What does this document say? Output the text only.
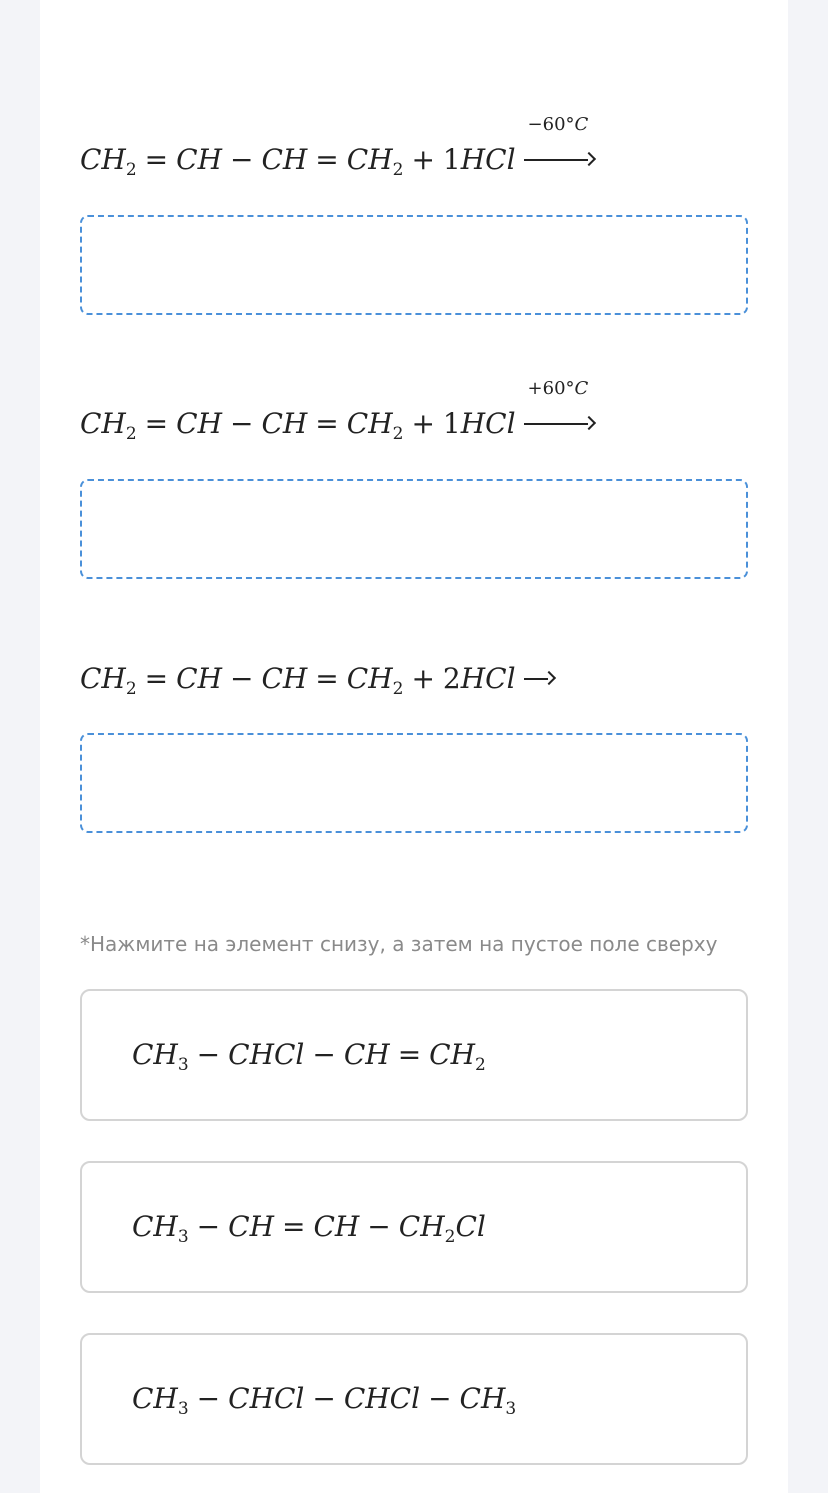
$CH_2$ = CH − CH = $CH_2 + 1HCl$
−60°C
$CH_2$ = CH − CH = $CH_2 + 1HCl$
+60°C
$CH_2$ = CH − CH = $CH_2 + 2HCl$
*Нажмите на элемент снизу, а затем на пустое поле сверху
$CH_3$ − CHCl − CH = $CH_2$
$CH_3$ − CH = CH − $CH_2Cl$
$CH_3$ − CHCl − CHCl − $CH_3$
